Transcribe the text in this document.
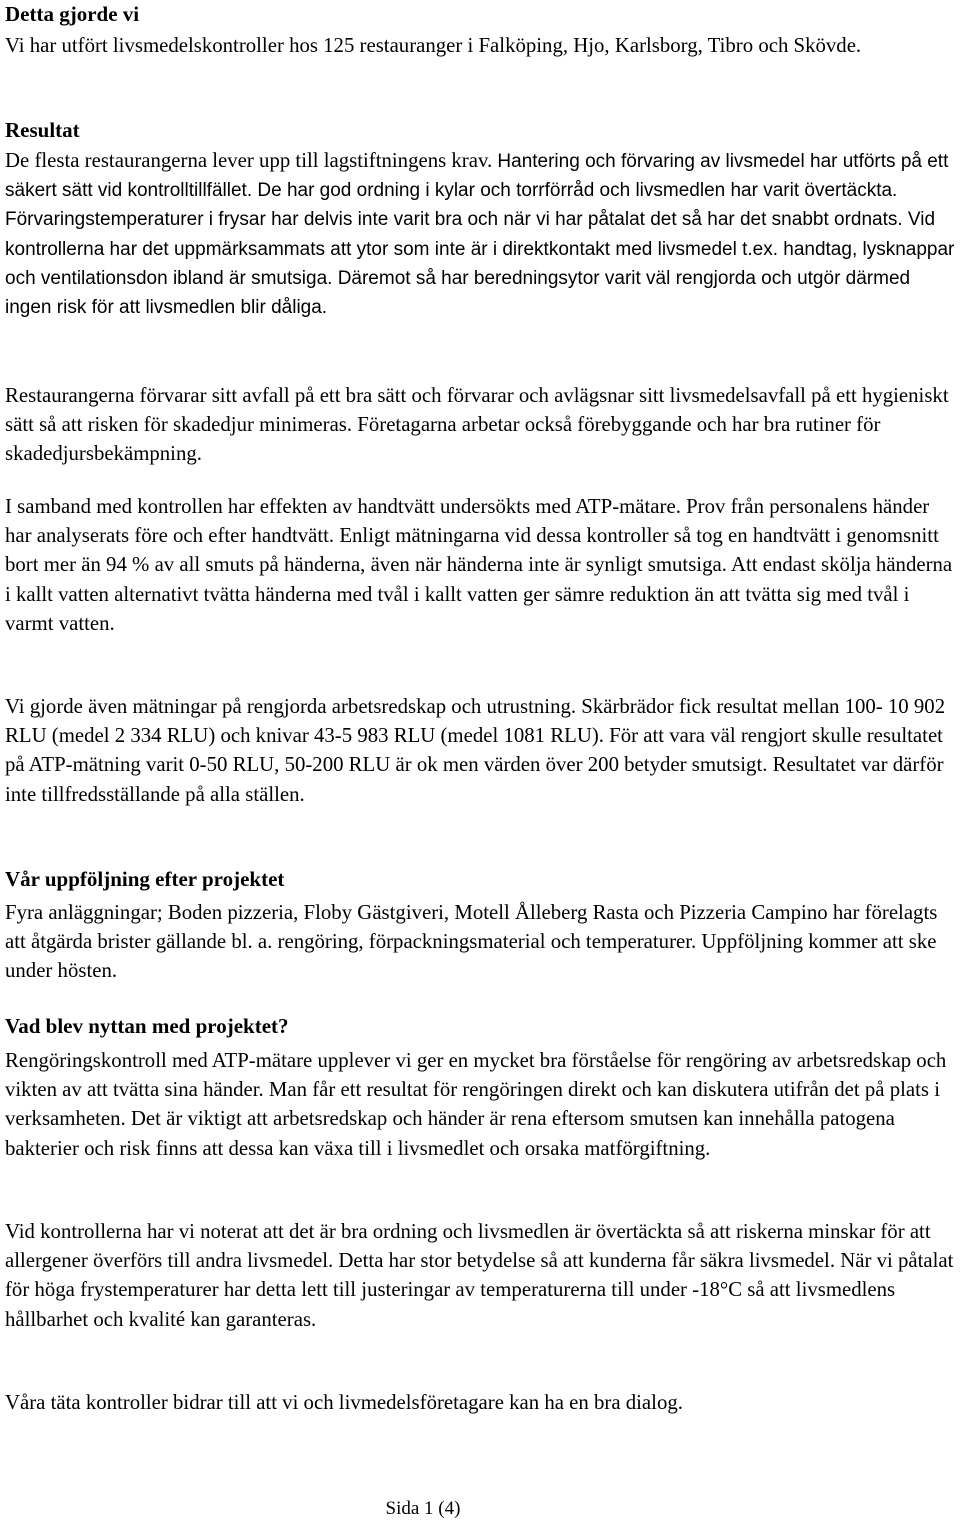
Detta gjorde vi

Vi har utfört livsmedelskontroller hos 125 restauranger i Falköping, Hjo, Karlsborg, Tibro och Skövde.

Resultat

De flesta restaurangerna lever upp till lagstiftningens krav. Hantering och förvaring av livsmedel har utförts på ett säkert sätt vid kontrolltillfället. De har god ordning i kylar och torrförråd och livsmedlen har varit övertäckta. Förvaringstemperaturer i frysar har delvis inte varit bra och när vi har påtalat det så har det snabbt ordnats. Vid kontrollerna har det uppmärksammats att ytor som inte är i direktkontakt med livsmedel t.ex. handtag, lysknappar och ventilationsdon ibland är smutsiga. Däremot så har beredningsytor varit väl rengjorda och utgör därmed ingen risk för att livsmedlen blir dåliga.

Restaurangerna förvarar sitt avfall på ett bra sätt och förvarar och avlägsnar sitt livsmedelsavfall på ett hygieniskt sätt så att risken för skadedjur minimeras. Företagarna arbetar också förebyggande och har bra rutiner för skadedjursbekämpning.

I samband med kontrollen har effekten av handtvätt undersökts med ATP-mätare. Prov från personalens händer har analyserats före och efter handtvätt. Enligt mätningarna vid dessa kontroller så tog en handtvätt i genomsnitt bort mer än 94 % av all smuts på händerna, även när händerna inte är synligt smutsiga. Att endast skölja händerna i kallt vatten alternativt tvätta händerna med tvål i kallt vatten ger sämre reduktion än att tvätta sig med tvål i varmt vatten.

Vi gjorde även mätningar på rengjorda arbetsredskap och utrustning. Skärbrädor fick resultat mellan 100- 10 902 RLU (medel 2 334 RLU) och knivar 43-5 983 RLU (medel 1081 RLU). För att vara väl rengjort skulle resultatet på ATP-mätning varit 0-50 RLU, 50-200 RLU är ok men värden över 200 betyder smutsigt. Resultatet var därför inte tillfredsställande på alla ställen.

Vår uppföljning efter projektet

Fyra anläggningar; Boden pizzeria, Floby Gästgiveri, Motell Ålleberg Rasta och Pizzeria Campino har förelagts att åtgärda brister gällande bl. a. rengöring, förpackningsmaterial och temperaturer. Uppföljning kommer att ske under hösten.

Vad blev nyttan med projektet?

Rengöringskontroll med ATP-mätare upplever vi ger en mycket bra förståelse för rengöring av arbetsredskap och vikten av att tvätta sina händer. Man får ett resultat för rengöringen direkt och kan diskutera utifrån det på plats i verksamheten. Det är viktigt att arbetsredskap och händer är rena eftersom smutsen kan innehålla patogena bakterier och risk finns att dessa kan växa till i livsmedlet och orsaka matförgiftning.

Vid kontrollerna har vi noterat att det är bra ordning och livsmedlen är övertäckta så att riskerna minskar för att allergener överförs till andra livsmedel. Detta har stor betydelse så att kunderna får säkra livsmedel. När vi påtalat för höga frystemperaturer har detta lett till justeringar av temperaturerna till under -18°C så att livsmedlens hållbarhet och kvalité kan garanteras.

Våra täta kontroller bidrar till att vi och livmedelsföretagare kan ha en bra dialog.

Sida 1 (4)
